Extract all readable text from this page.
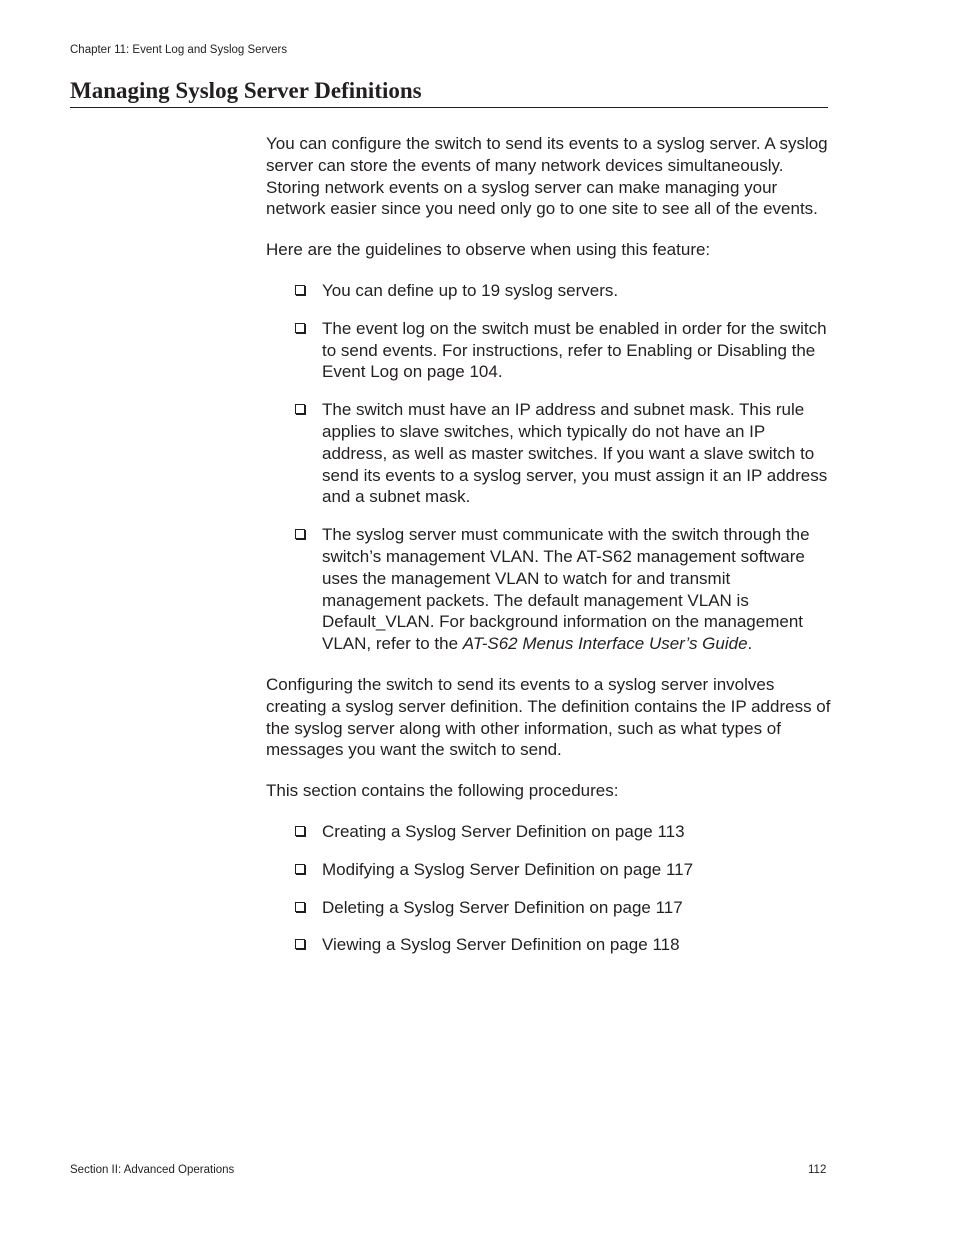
Chapter 11: Event Log and Syslog Servers
Managing Syslog Server Definitions

You can configure the switch to send its events to a syslog server. A syslog server can store the events of many network devices simultaneously. Storing network events on a syslog server can make managing your network easier since you need only go to one site to see all of the events.

Here are the guidelines to observe when using this feature:

You can define up to 19 syslog servers.
The event log on the switch must be enabled in order for the switch to send events. For instructions, refer to Enabling or Disabling the Event Log on page 104.
The switch must have an IP address and subnet mask. This rule applies to slave switches, which typically do not have an IP address, as well as master switches. If you want a slave switch to send its events to a syslog server, you must assign it an IP address and a subnet mask.
The syslog server must communicate with the switch through the switch’s management VLAN. The AT-S62 management software uses the management VLAN to watch for and transmit management packets. The default management VLAN is Default_VLAN. For background information on the management VLAN, refer to the AT-S62 Menus Interface User’s Guide.

Configuring the switch to send its events to a syslog server involves creating a syslog server definition. The definition contains the IP address of the syslog server along with other information, such as what types of messages you want the switch to send.

This section contains the following procedures:

Creating a Syslog Server Definition on page 113
Modifying a Syslog Server Definition on page 117
Deleting a Syslog Server Definition on page 117
Viewing a Syslog Server Definition on page 118
Section II: Advanced Operations	112
